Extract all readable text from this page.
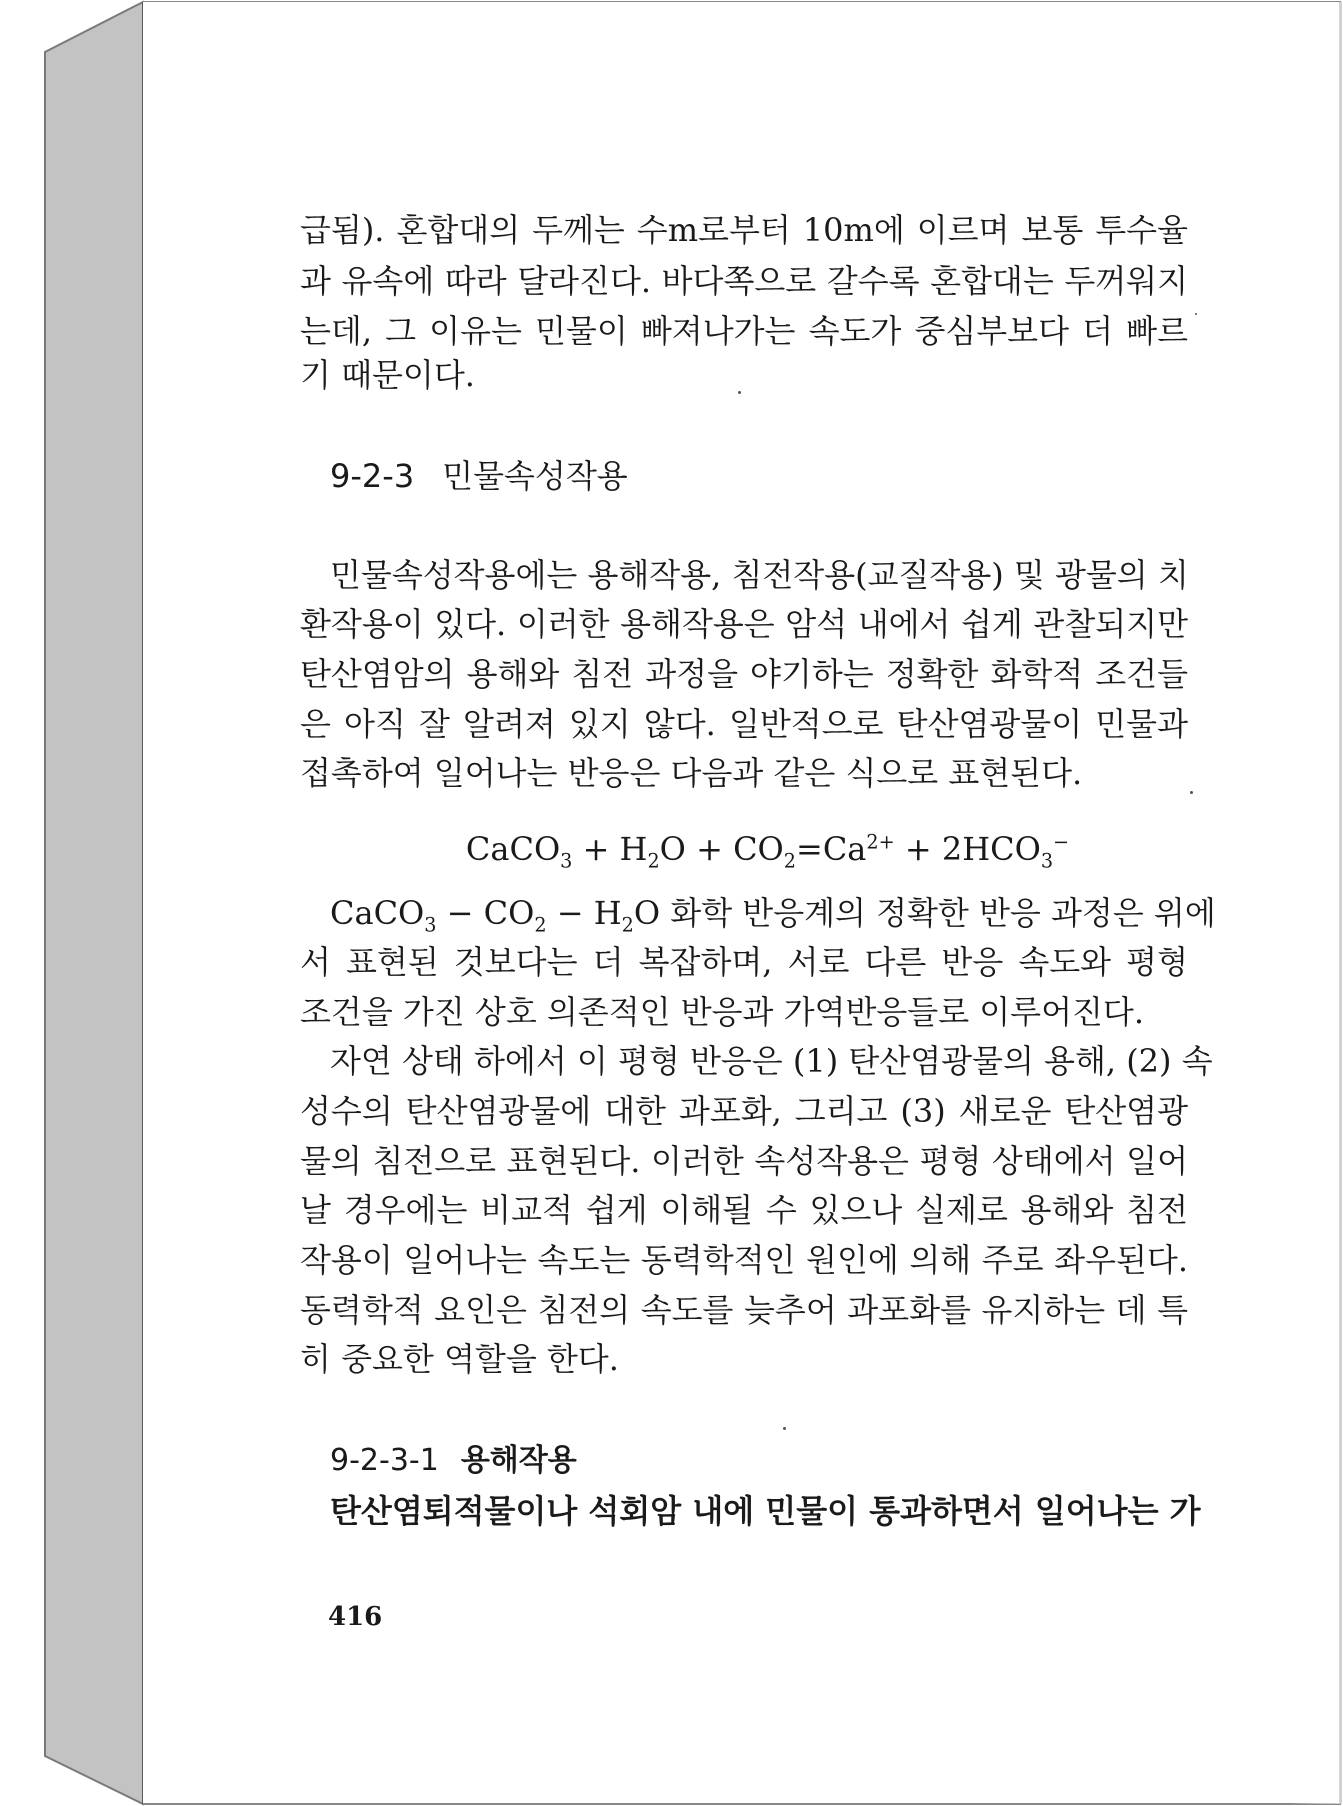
급됨). 혼합대의 두께는 수m로부터 10m에 이르며 보통 투수율
과 유속에 따라 달라진다. 바다쪽으로 갈수록 혼합대는 두꺼워지
는데, 그 이유는 민물이 빠져나가는 속도가 중심부보다 더 빠르
기 때문이다.
9-2-3 민물속성작용
민물속성작용에는 용해작용, 침전작용(교질작용) 및 광물의 치
환작용이 있다. 이러한 용해작용은 암석 내에서 쉽게 관찰되지만
탄산염암의 용해와 침전 과정을 야기하는 정확한 화학적 조건들
은 아직 잘 알려져 있지 않다. 일반적으로 탄산염광물이 민물과
접촉하여 일어나는 반응은 다음과 같은 식으로 표현된다.
CaCO$_3$ + $H_2O + CO_2=Ca^{2+} + 2HCO_3^-$
CaCO$_3$ − $CO_2 - H_2O$ 화학 반응계의 정확한 반응 과정은 위에
서 표현된 것보다는 더 복잡하며, 서로 다른 반응 속도와 평형
조건을 가진 상호 의존적인 반응과 가역반응들로 이루어진다.
자연 상태 하에서 이 평형 반응은 (1) 탄산염광물의 용해, (2) 속
성수의 탄산염광물에 대한 과포화, 그리고 (3) 새로운 탄산염광
물의 침전으로 표현된다. 이러한 속성작용은 평형 상태에서 일어
날 경우에는 비교적 쉽게 이해될 수 있으나 실제로 용해와 침전
작용이 일어나는 속도는 동력학적인 원인에 의해 주로 좌우된다.
동력학적 요인은 침전의 속도를 늦추어 과포화를 유지하는 데 특
히 중요한 역할을 한다.
9-2-3-1 용해작용
탄산염퇴적물이나 석회암 내에 민물이 통과하면서 일어나는 가
416
